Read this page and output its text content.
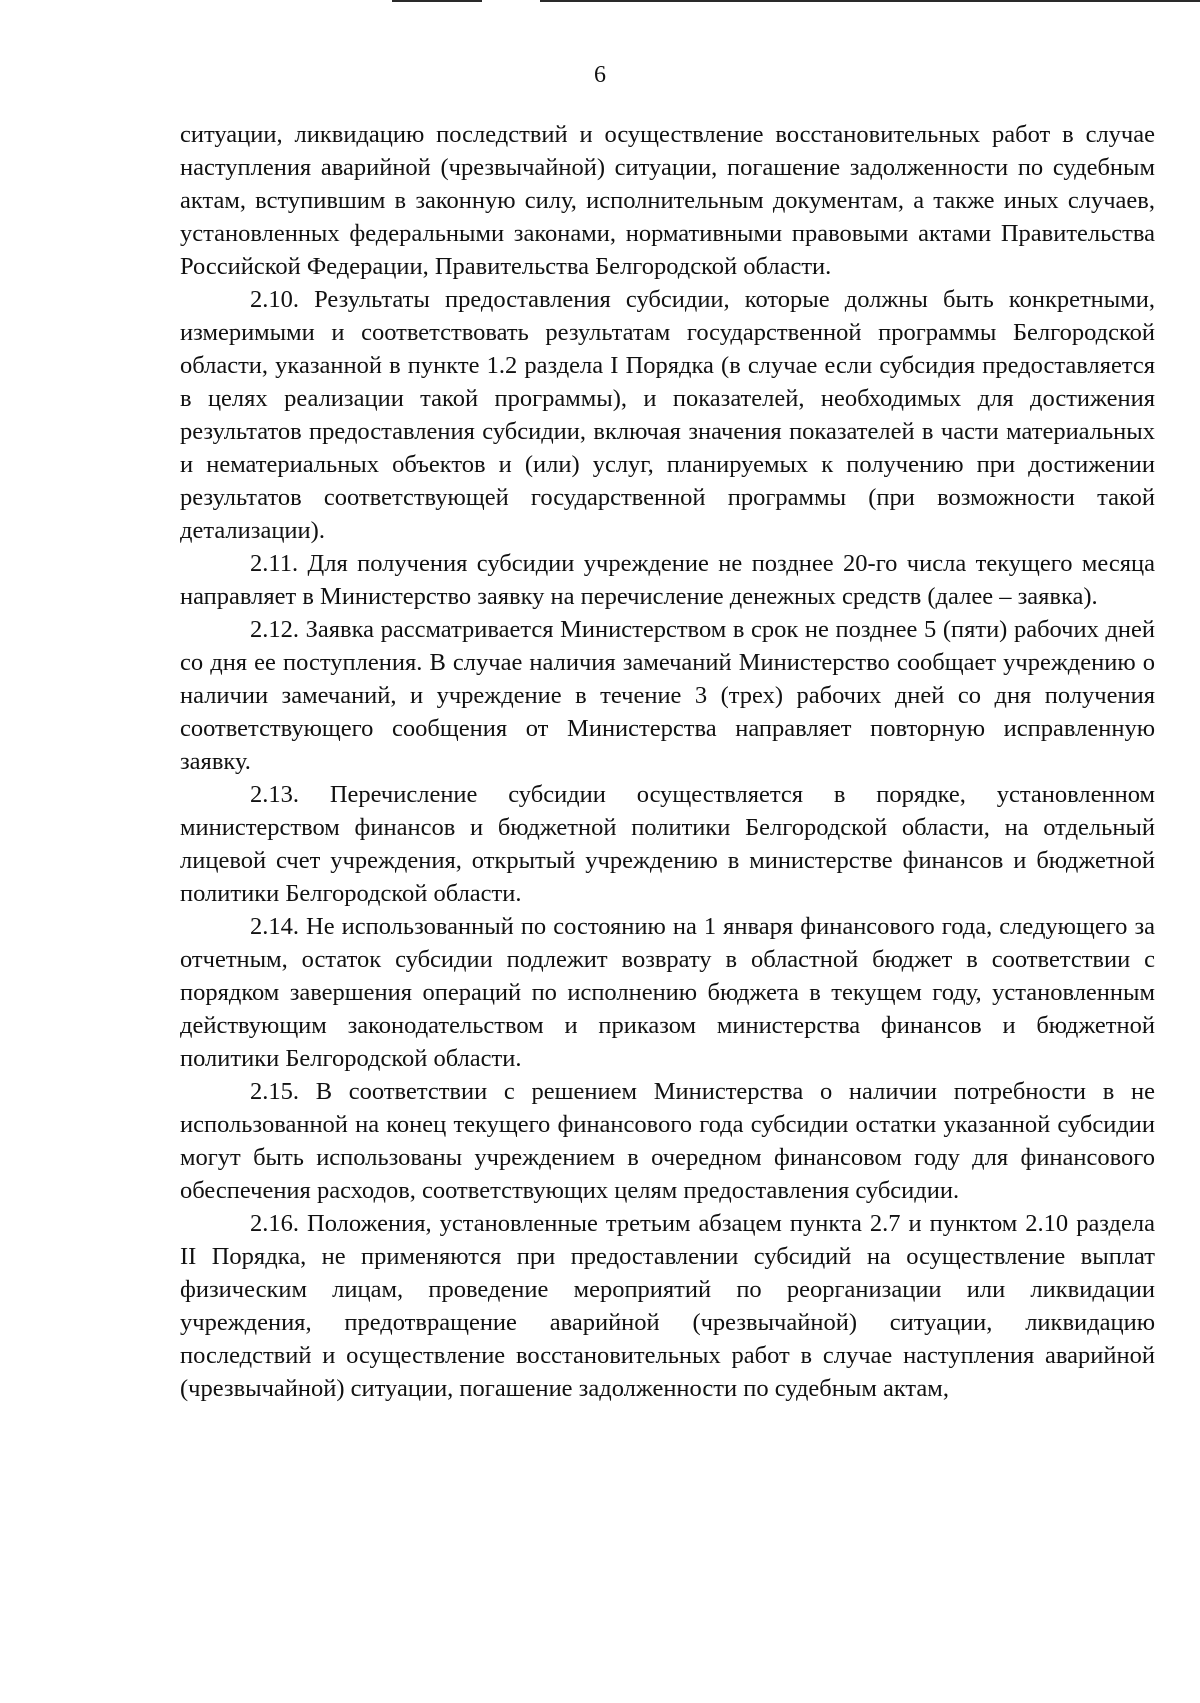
6

ситуации, ликвидацию последствий и осуществление восстановительных работ в случае наступления аварийной (чрезвычайной) ситуации, погашение задолженности по судебным актам, вступившим в законную силу, исполнительным документам, а также иных случаев, установленных федеральными законами, нормативными правовыми актами Правительства Российской Федерации, Правительства Белгородской области.

2.10. Результаты предоставления субсидии, которые должны быть конкретными, измеримыми и соответствовать результатам государственной программы Белгородской области, указанной в пункте 1.2 раздела I Порядка (в случае если субсидия предоставляется в целях реализации такой программы), и показателей, необходимых для достижения результатов предоставления субсидии, включая значения показателей в части материальных и нематериальных объектов и (или) услуг, планируемых к получению при достижении результатов соответствующей государственной программы (при возможности такой детализации).

2.11. Для получения субсидии учреждение не позднее 20-го числа текущего месяца направляет в Министерство заявку на перечисление денежных средств (далее – заявка).

2.12. Заявка рассматривается Министерством в срок не позднее 5 (пяти) рабочих дней со дня ее поступления. В случае наличия замечаний Министерство сообщает учреждению о наличии замечаний, и учреждение в течение 3 (трех) рабочих дней со дня получения соответствующего сообщения от Министерства направляет повторную исправленную заявку.

2.13. Перечисление субсидии осуществляется в порядке, установленном министерством финансов и бюджетной политики Белгородской области, на отдельный лицевой счет учреждения, открытый учреждению в министерстве финансов и бюджетной политики Белгородской области.

2.14. Не использованный по состоянию на 1 января финансового года, следующего за отчетным, остаток субсидии подлежит возврату в областной бюджет в соответствии с порядком завершения операций по исполнению бюджета в текущем году, установленным действующим законодательством и приказом министерства финансов и бюджетной политики Белгородской области.

2.15. В соответствии с решением Министерства о наличии потребности в не использованной на конец текущего финансового года субсидии остатки указанной субсидии могут быть использованы учреждением в очередном финансовом году для финансового обеспечения расходов, соответствующих целям предоставления субсидии.

2.16. Положения, установленные третьим абзацем пункта 2.7 и пунктом 2.10 раздела II Порядка, не применяются при предоставлении субсидий на осуществление выплат физическим лицам, проведение мероприятий по реорганизации или ликвидации учреждения, предотвращение аварийной (чрезвычайной) ситуации, ликвидацию последствий и осуществление восстановительных работ в случае наступления аварийной (чрезвычайной) ситуации, погашение задолженности по судебным актам,
